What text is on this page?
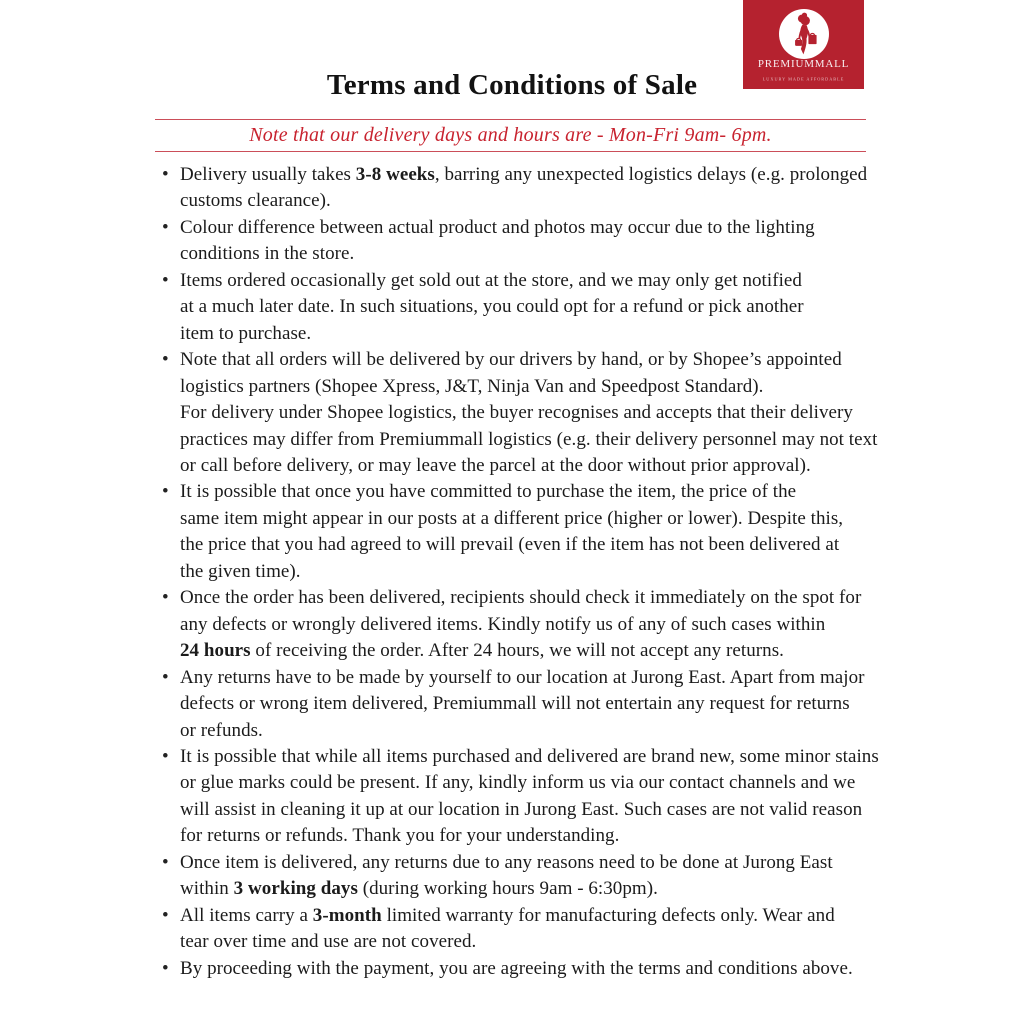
Terms and Conditions of Sale
PREMIUMMALL
LUXURY MADE AFFORDABLE
Note that our delivery days and hours are - Mon-Fri 9am- 6pm.
• Delivery usually takes 3-8 weeks, barring any unexpected logistics delays (e.g. prolonged
customs clearance).
• Colour difference between actual product and photos may occur due to the lighting
conditions in the store.
• Items ordered occasionally get sold out at the store, and we may only get notified
at a much later date. In such situations, you could opt for a refund or pick another
item to purchase.
• Note that all orders will be delivered by our drivers by hand, or by Shopee’s appointed
logistics partners (Shopee Xpress, J&T, Ninja Van and Speedpost Standard).
For delivery under Shopee logistics, the buyer recognises and accepts that their delivery
practices may differ from Premiummall logistics (e.g. their delivery personnel may not text
or call before delivery, or may leave the parcel at the door without prior approval).
• It is possible that once you have committed to purchase the item, the price of the
same item might appear in our posts at a different price (higher or lower). Despite this,
the price that you had agreed to will prevail (even if the item has not been delivered at
the given time).
• Once the order has been delivered, recipients should check it immediately on the spot for
any defects or wrongly delivered items. Kindly notify us of any of such cases within
24 hours of receiving the order. After 24 hours, we will not accept any returns.
• Any returns have to be made by yourself to our location at Jurong East. Apart from major
defects or wrong item delivered, Premiummall will not entertain any request for returns
or refunds.
• It is possible that while all items purchased and delivered are brand new, some minor stains
or glue marks could be present. If any, kindly inform us via our contact channels and we
will assist in cleaning it up at our location in Jurong East. Such cases are not valid reason
for returns or refunds. Thank you for your understanding.
• Once item is delivered, any returns due to any reasons need to be done at Jurong East
within 3 working days (during working hours 9am - 6:30pm).
• All items carry a 3-month limited warranty for manufacturing defects only. Wear and
tear over time and use are not covered.
• By proceeding with the payment, you are agreeing with the terms and conditions above.
